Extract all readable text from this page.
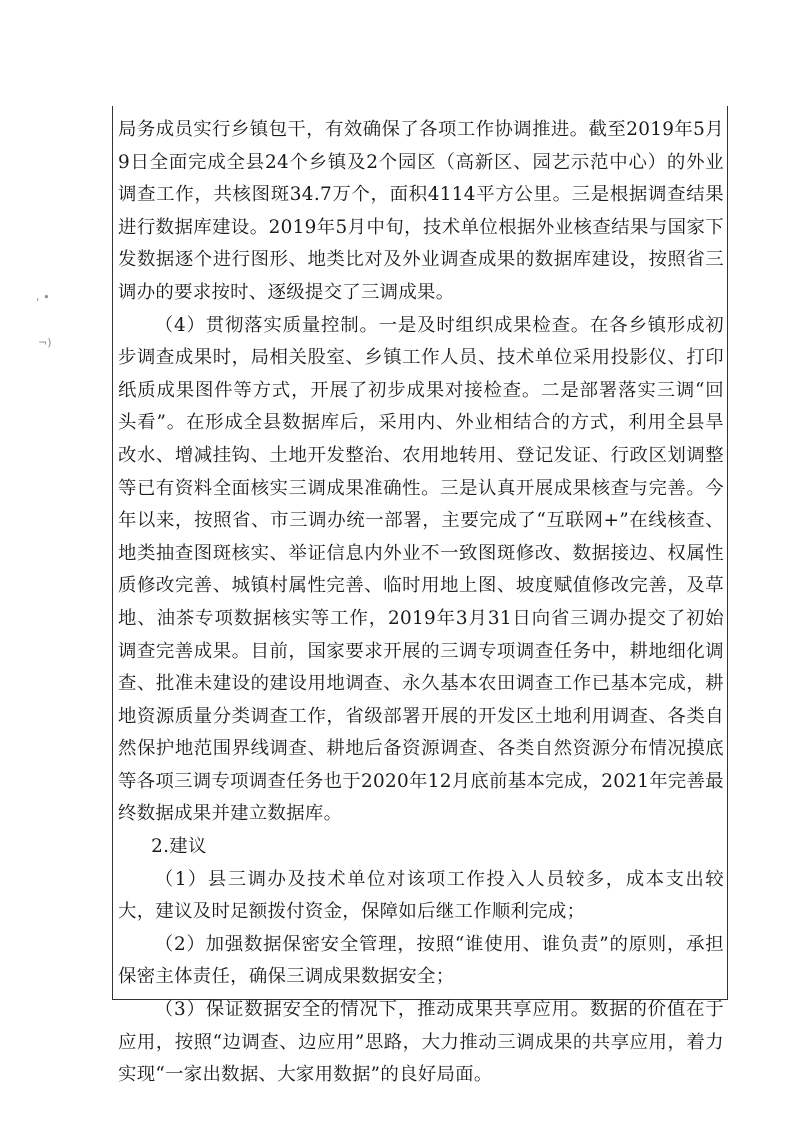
, ∙
¬)

局务成员实行乡镇包干，有效确保了各项工作协调推进。截至2019年5月9日全面完成全县24个乡镇及2个园区（高新区、园艺示范中心）的外业调查工作，共核图斑34.7万个，面积4114平方公里。三是根据调查结果进行数据库建设。2019年5月中旬，技术单位根据外业核查结果与国家下发数据逐个进行图形、地类比对及外业调查成果的数据库建设，按照省三调办的要求按时、逐级提交了三调成果。

（4）贯彻落实质量控制。一是及时组织成果检查。在各乡镇形成初步调查成果时，局相关股室、乡镇工作人员、技术单位采用投影仪、打印纸质成果图件等方式，开展了初步成果对接检查。二是部署落实三调“回头看”。在形成全县数据库后，采用内、外业相结合的方式，利用全县旱改水、增减挂钩、土地开发整治、农用地转用、登记发证、行政区划调整等已有资料全面核实三调成果准确性。三是认真开展成果核查与完善。今年以来，按照省、市三调办统一部署，主要完成了“互联网+”在线核查、地类抽查图斑核实、举证信息内外业不一致图斑修改、数据接边、权属性质修改完善、城镇村属性完善、临时用地上图、坡度赋值修改完善，及草地、油茶专项数据核实等工作，2019年3月31日向省三调办提交了初始调查完善成果。目前，国家要求开展的三调专项调查任务中，耕地细化调查、批准未建设的建设用地调查、永久基本农田调查工作已基本完成，耕地资源质量分类调查工作，省级部署开展的开发区土地利用调查、各类自然保护地范围界线调查、耕地后备资源调查、各类自然资源分布情况摸底等各项三调专项调查任务也于2020年12月底前基本完成，2021年完善最终数据成果并建立数据库。

2.建议

（1）县三调办及技术单位对该项工作投入人员较多，成本支出较大，建议及时足额拨付资金，保障如后继工作顺利完成；

（2）加强数据保密安全管理，按照“谁使用、谁负责”的原则，承担保密主体责任，确保三调成果数据安全；

（3）保证数据安全的情况下，推动成果共享应用。数据的价值在于应用，按照“边调查、边应用”思路，大力推动三调成果的共享应用，着力实现“一家出数据、大家用数据”的良好局面。
